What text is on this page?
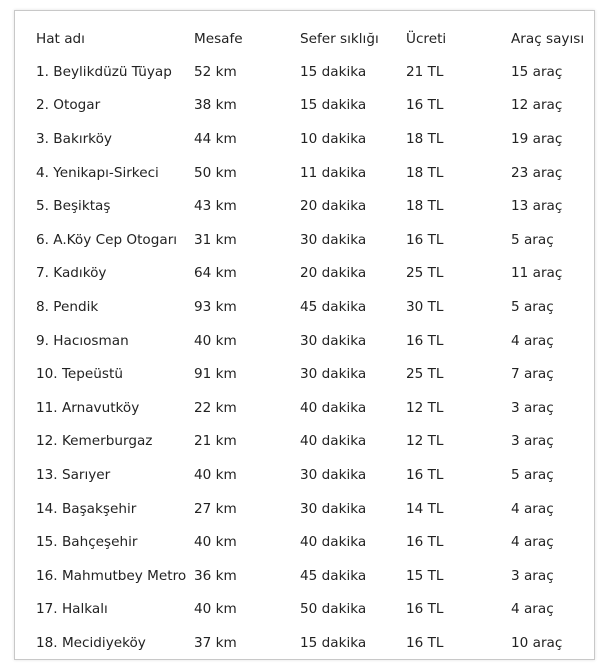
Hat adı	Mesafe	Sefer sıklığı	Ücreti	Araç sayısı
1. Beylikdüzü Tüyap	52 km	15 dakika	21 TL	15 araç
2. Otogar	38 km	15 dakika	16 TL	12 araç
3. Bakırköy	44 km	10 dakika	18 TL	19 araç
4. Yenikapı-Sirkeci	50 km	11 dakika	18 TL	23 araç
5. Beşiktaş	43 km	20 dakika	18 TL	13 araç
6. A.Köy Cep Otogarı	31 km	30 dakika	16 TL	5 araç
7. Kadıköy	64 km	20 dakika	25 TL	11 araç
8. Pendik	93 km	45 dakika	30 TL	5 araç
9. Hacıosman	40 km	30 dakika	16 TL	4 araç
10. Tepeüstü	91 km	30 dakika	25 TL	7 araç
11. Arnavutköy	22 km	40 dakika	12 TL	3 araç
12. Kemerburgaz	21 km	40 dakika	12 TL	3 araç
13. Sarıyer	40 km	30 dakika	16 TL	5 araç
14. Başakşehir	27 km	30 dakika	14 TL	4 araç
15. Bahçeşehir	40 km	40 dakika	16 TL	4 araç
16. Mahmutbey Metro	36 km	45 dakika	15 TL	3 araç
17. Halkalı	40 km	50 dakika	16 TL	4 araç
18. Mecidiyeköy	37 km	15 dakika	16 TL	10 araç
